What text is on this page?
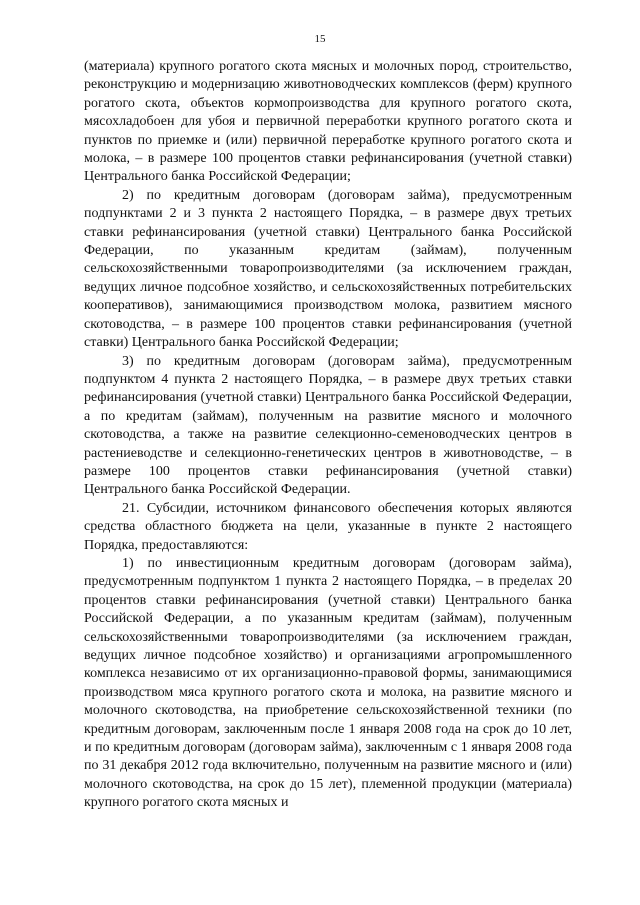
15

(материала) крупного рогатого скота мясных и молочных пород, строительство, реконструкцию и модернизацию животноводческих комплексов (ферм) крупного рогатого скота, объектов кормопроизводства для крупного рогатого скота, мясохладобоен для убоя и первичной переработки крупного рогатого скота и пунктов по приемке и (или) первичной переработке крупного рогатого скота и молока, – в размере 100 процентов ставки рефинансирования (учетной ставки) Центрального банка Российской Федерации;

2) по кредитным договорам (договорам займа), предусмотренным подпунктами 2 и 3 пункта 2 настоящего Порядка, – в размере двух третьих ставки рефинансирования (учетной ставки) Центрального банка Российской Федерации, по указанным кредитам (займам), полученным сельскохозяйственными товаропроизводителями (за исключением граждан, ведущих личное подсобное хозяйство, и сельскохозяйственных потребительских кооперативов), занимающимися производством молока, развитием мясного скотоводства, – в размере 100 процентов ставки рефинансирования (учетной ставки) Центрального банка Российской Федерации;

3) по кредитным договорам (договорам займа), предусмотренным подпунктом 4 пункта 2 настоящего Порядка, – в размере двух третьих ставки рефинансирования (учетной ставки) Центрального банка Российской Федерации, а по кредитам (займам), полученным на развитие мясного и молочного скотоводства, а также на развитие селекционно-семеноводческих центров в растениеводстве и селекционно-генетических центров в животноводстве, – в размере 100 процентов ставки рефинансирования (учетной ставки) Центрального банка Российской Федерации.

21. Субсидии, источником финансового обеспечения которых являются средства областного бюджета на цели, указанные в пункте 2 настоящего Порядка, предоставляются:

1) по инвестиционным кредитным договорам (договорам займа), предусмотренным подпунктом 1 пункта 2 настоящего Порядка, – в пределах 20 процентов ставки рефинансирования (учетной ставки) Центрального банка Российской Федерации, а по указанным кредитам (займам), полученным сельскохозяйственными товаропроизводителями (за исключением граждан, ведущих личное подсобное хозяйство) и организациями агропромышленного комплекса независимо от их организационно-правовой формы, занимающимися производством мяса крупного рогатого скота и молока, на развитие мясного и молочного скотоводства, на приобретение сельскохозяйственной техники (по кредитным договорам, заключенным после 1 января 2008 года на срок до 10 лет, и по кредитным договорам (договорам займа), заключенным с 1 января 2008 года по 31 декабря 2012 года включительно, полученным на развитие мясного и (или) молочного скотоводства, на срок до 15 лет), племенной продукции (материала) крупного рогатого скота мясных и
